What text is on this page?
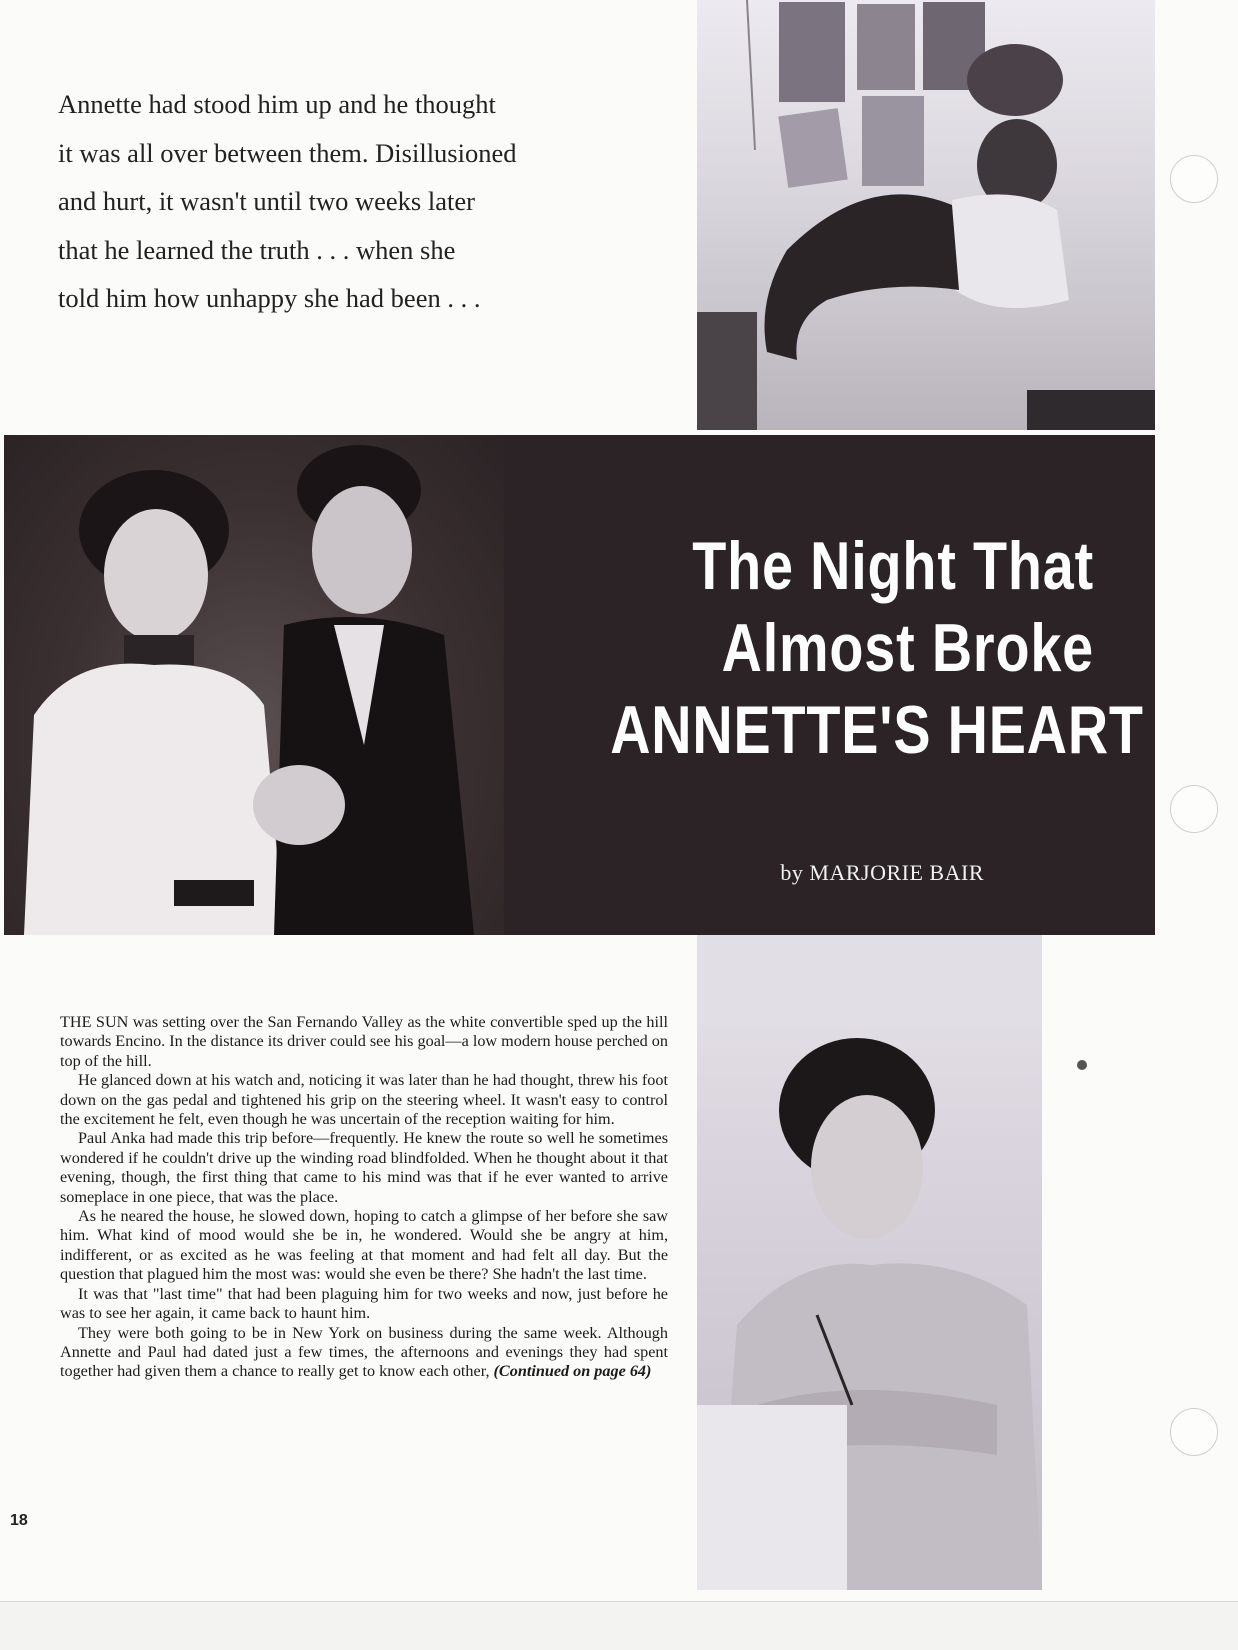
Annette had stood him up and he thought
it was all over between them. Disillusioned
and hurt, it wasn't until two weeks later
that he learned the truth . . . when she
told him how unhappy she had been . . .
The Night That
Almost Broke
ANNETTE'S HEART
by MARJORIE BAIR

THE SUN was setting over the San Fernando Valley as the white convertible sped up the hill towards Encino. In the distance its driver could see his goal—a low modern house perched on top of the hill.

He glanced down at his watch and, noticing it was later than he had thought, threw his foot down on the gas pedal and tightened his grip on the steering wheel. It wasn't easy to control the excitement he felt, even though he was uncertain of the reception waiting for him.

Paul Anka had made this trip before—frequently. He knew the route so well he sometimes wondered if he couldn't drive up the winding road blindfolded. When he thought about it that evening, though, the first thing that came to his mind was that if he ever wanted to arrive someplace in one piece, that was the place.

As he neared the house, he slowed down, hoping to catch a glimpse of her before she saw him. What kind of mood would she be in, he wondered. Would she be angry at him, indifferent, or as excited as he was feeling at that moment and had felt all day. But the question that plagued him the most was: would she even be there? She hadn't the last time.

It was that "last time" that had been plaguing him for two weeks and now, just before he was to see her again, it came back to haunt him.

They were both going to be in New York on business during the same week. Although Annette and Paul had dated just a few times, the afternoons and evenings they had spent together had given them a chance to really get to know each other, (Continued on page 64)

18
